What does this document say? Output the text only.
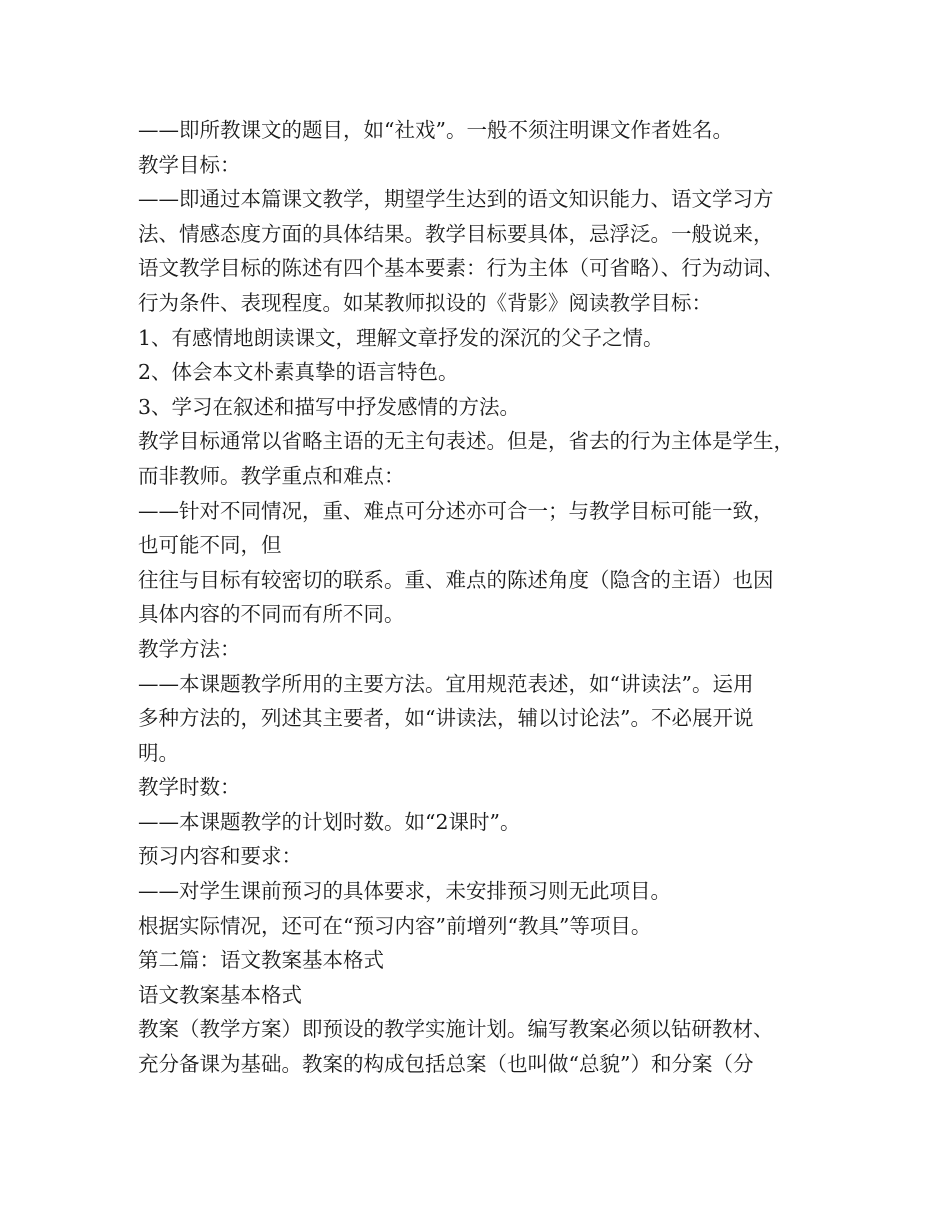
——即所教课文的题目，如“社戏”。一般不须注明课文作者姓名。
教学目标：
——即通过本篇课文教学，期望学生达到的语文知识能力、语文学习方
法、情感态度方面的具体结果。教学目标要具体，忌浮泛。一般说来，
语文教学目标的陈述有四个基本要素：行为主体（可省略）、行为动词、
行为条件、表现程度。如某教师拟设的《背影》阅读教学目标：
1、有感情地朗读课文，理解文章抒发的深沉的父子之情。
2、体会本文朴素真挚的语言特色。
3、学习在叙述和描写中抒发感情的方法。
教学目标通常以省略主语的无主句表述。但是，省去的行为主体是学生，
而非教师。教学重点和难点：
——针对不同情况，重、难点可分述亦可合一；与教学目标可能一致，
也可能不同，但
往往与目标有较密切的联系。重、难点的陈述角度（隐含的主语）也因
具体内容的不同而有所不同。
教学方法：
——本课题教学所用的主要方法。宜用规范表述，如“讲读法”。运用
多种方法的，列述其主要者，如“讲读法，辅以讨论法”。不必展开说
明。
教学时数：
——本课题教学的计划时数。如“2课时”。
预习内容和要求：
——对学生课前预习的具体要求，未安排预习则无此项目。
根据实际情况，还可在“预习内容”前增列“教具”等项目。
第二篇：语文教案基本格式
语文教案基本格式
教案（教学方案）即预设的教学实施计划。编写教案必须以钻研教材、
充分备课为基础。教案的构成包括总案（也叫做“总貌”）和分案（分
